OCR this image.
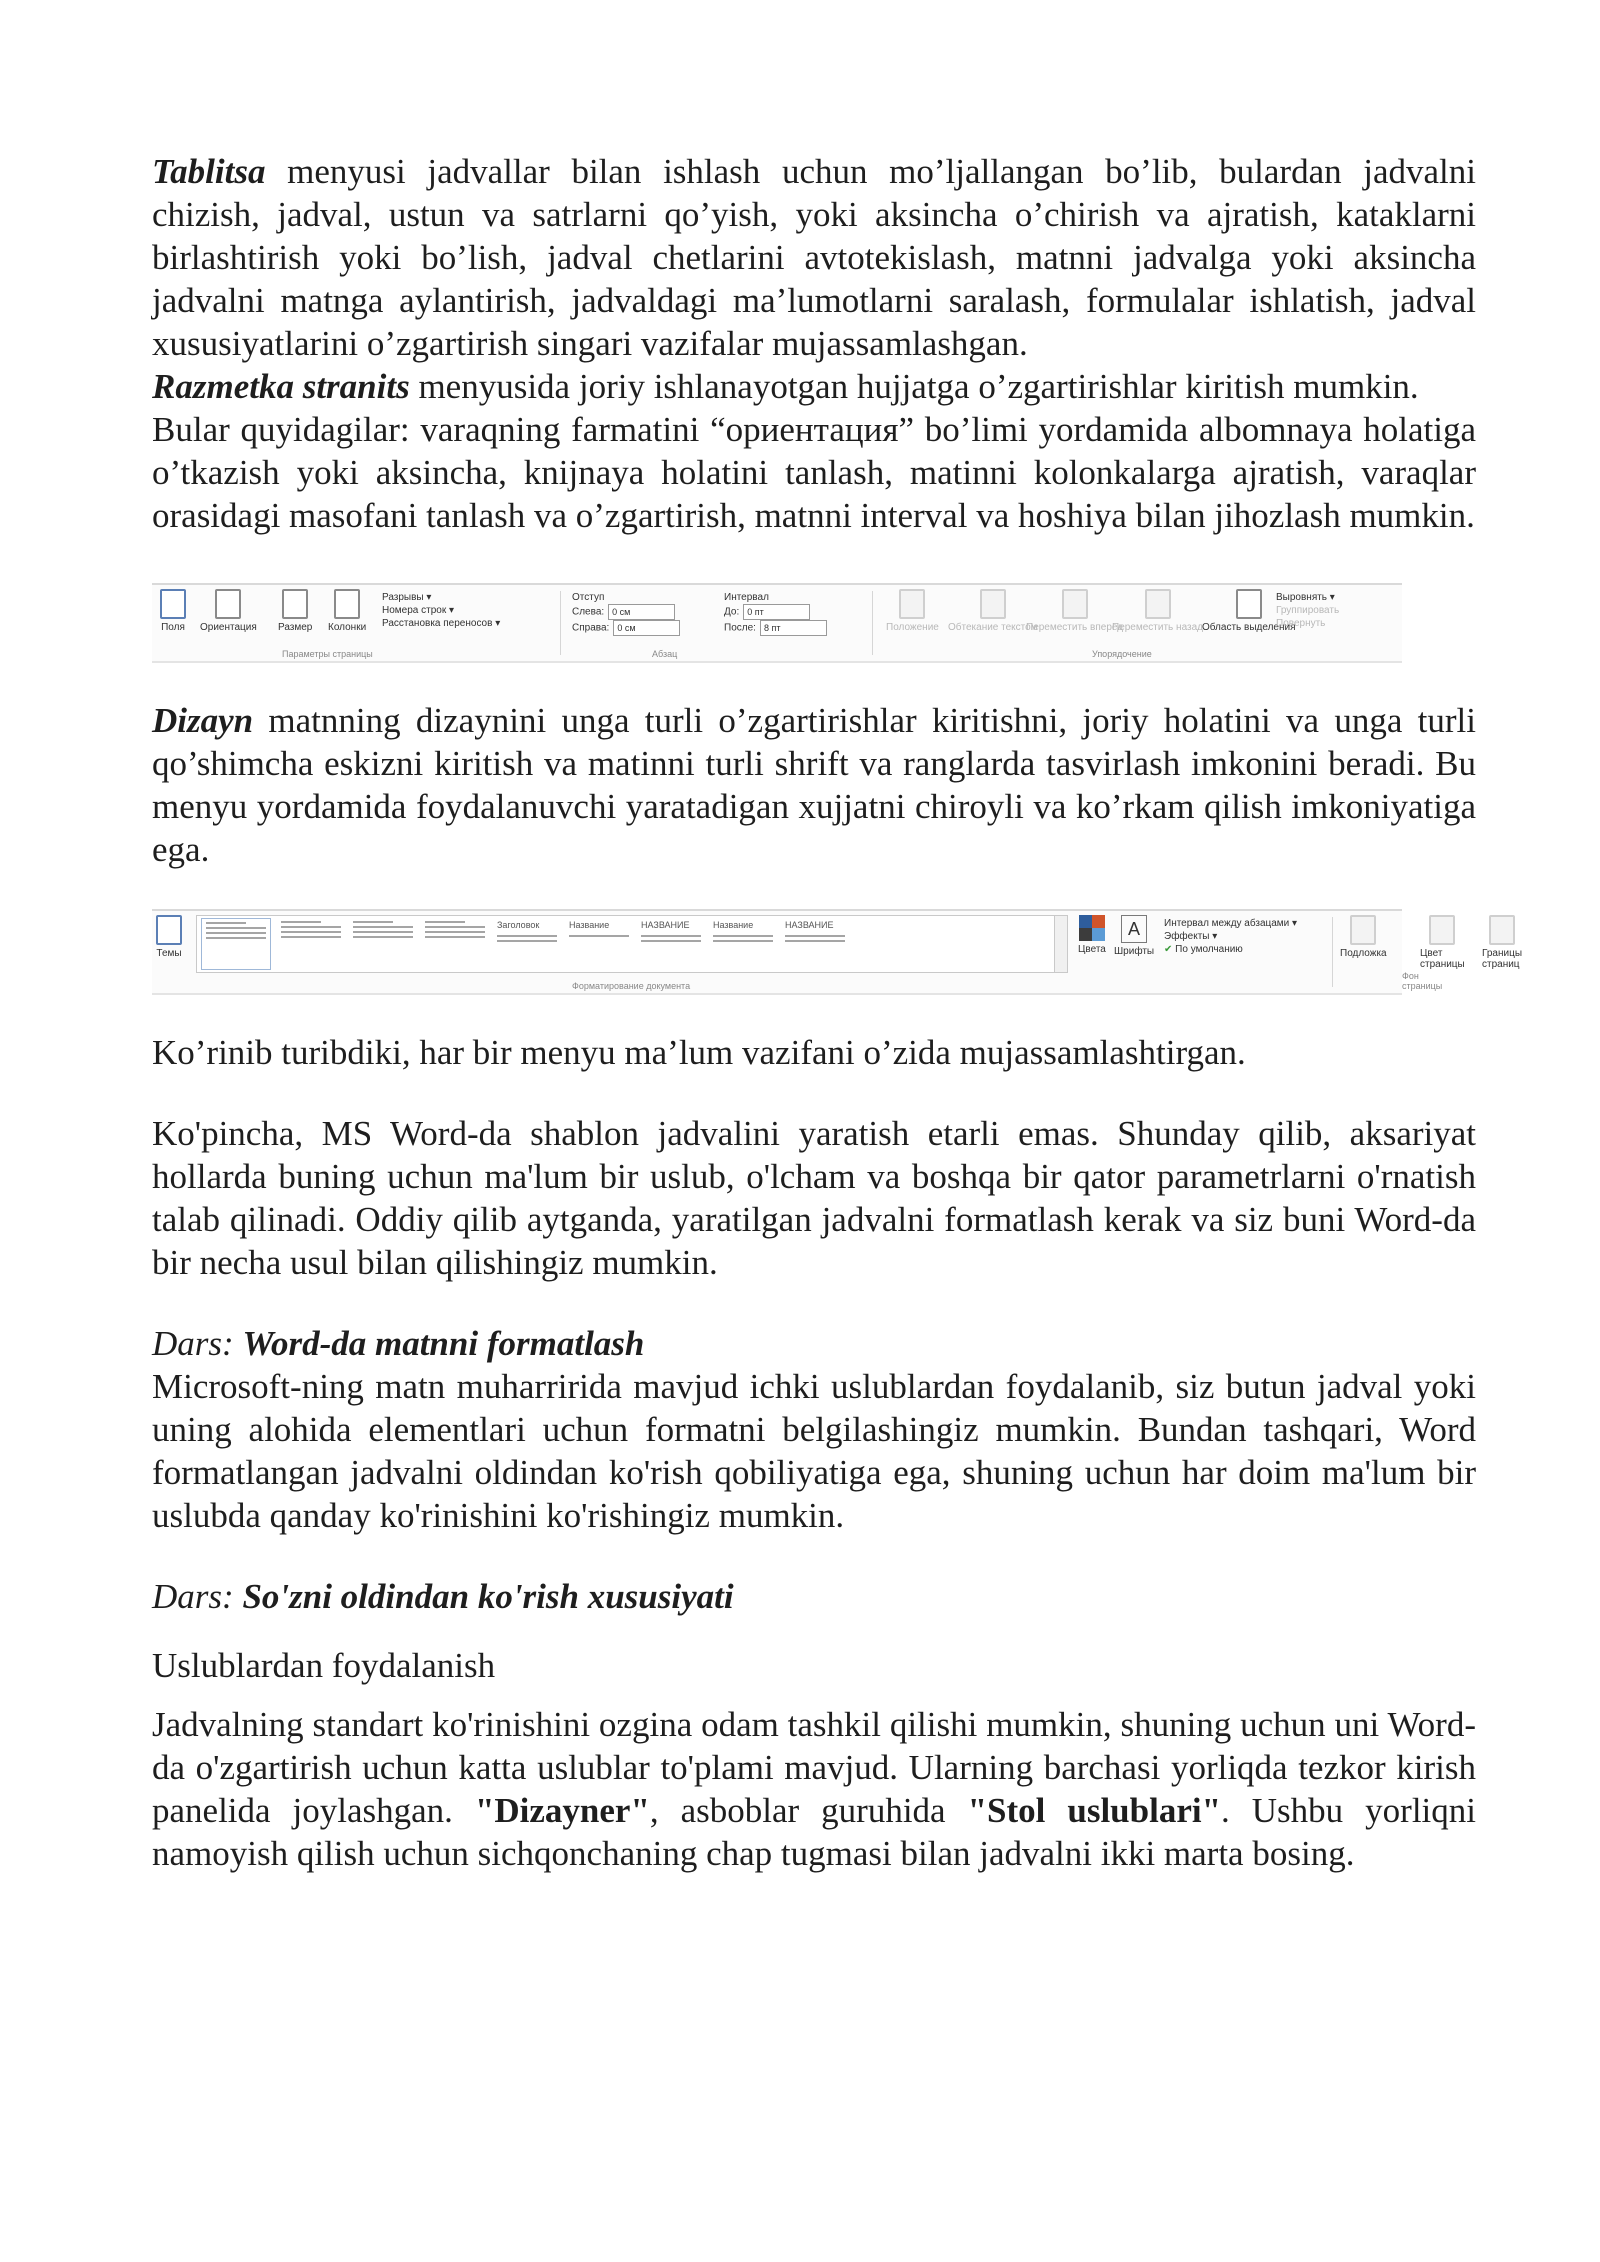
Tablitsa menyusi jadvallar bilan ishlash uchun mo’ljallangan bo’lib, bulardan jadvalni chizish, jadval, ustun va satrlarni qo’yish, yoki aksincha o’chirish va ajratish, kataklarni birlashtirish yoki bo’lish, jadval chetlarini avtotekislash, matnni jadvalga yoki aksincha jadvalni matnga aylantirish, jadvaldagi ma’lumotlarni saralash, formulalar ishlatish, jadval xususiyatlarini o’zgartirish singari vazifalar mujassamlashgan.

Razmetka stranits menyusida joriy ishlanayotgan hujjatga o’zgartirishlar kiritish mumkin.

Bular quyidagilar: varaqning farmatini “ориентация” bo’limi yordamida albomnaya holatiga o’tkazish yoki aksincha, knijnaya holatini tanlash, matinni kolonkalarga ajratish, varaqlar orasidagi masofani tanlash va o’zgartirish, matnni interval va hoshiya bilan jihozlash mumkin.

Поля Ориентация Размер Колонки
Разрывы ▾
Номера строк ▾
Расстановка переносов ▾
Параметры страницы
Отступ
Слева: 0 см
Справа: 0 см
Интервал
До: 0 пт
После: 8 пт
Абзац
Положение Обтекание текстом
Переместить вперед
Переместить назад Область выделения
Выровнять ▾
Группировать
Повернуть
Упорядочение

Dizayn matnning dizaynini unga turli o’zgartirishlar kiritishni, joriy holatini va unga turli qo’shimcha eskizni kiritish va matinni turli shrift va ranglarda tasvirlash imkonini beradi. Bu menyu yordamida foydalanuvchi yaratadigan xujjatni chiroyli va ko’rkam qilish imkoniyatiga ega.

Темы
Заголовок	Название	НАЗВАНИЕ	Название	НАЗВАНИЕ
Форматирование документа
Цвета
A
Шрифты
Интервал между абзацами ▾
Эффекты ▾
✔ По умолчанию	Подложка	Цвет страницы
Границы страниц
Фон страницы

Ko’rinib turibdiki, har bir menyu ma’lum vazifani o’zida mujassamlashtirgan.

Ko'pincha, MS Word-da shablon jadvalini yaratish etarli emas. Shunday qilib, aksariyat hollarda buning uchun ma'lum bir uslub, o'lcham va boshqa bir qator parametrlarni o'rnatish talab qilinadi. Oddiy qilib aytganda, yaratilgan jadvalni formatlash kerak va siz buni Word-da bir necha usul bilan qilishingiz mumkin.

Dars: Word-da matnni formatlash

Microsoft-ning matn muharririda mavjud ichki uslublardan foydalanib, siz butun jadval yoki uning alohida elementlari uchun formatni belgilashingiz mumkin. Bundan tashqari, Word formatlangan jadvalni oldindan ko'rish qobiliyatiga ega, shuning uchun har doim ma'lum bir uslubda qanday ko'rinishini ko'rishingiz mumkin.

Dars: So'zni oldindan ko'rish xususiyati

Uslublardan foydalanish

Jadvalning standart ko'rinishini ozgina odam tashkil qilishi mumkin, shuning uchun uni Word-da o'zgartirish uchun katta uslublar to'plami mavjud. Ularning barchasi yorliqda tezkor kirish panelida joylashgan. "Dizayner", asboblar guruhida "Stol uslublari". Ushbu yorliqni namoyish qilish uchun sichqonchaning chap tugmasi bilan jadvalni ikki marta bosing.
